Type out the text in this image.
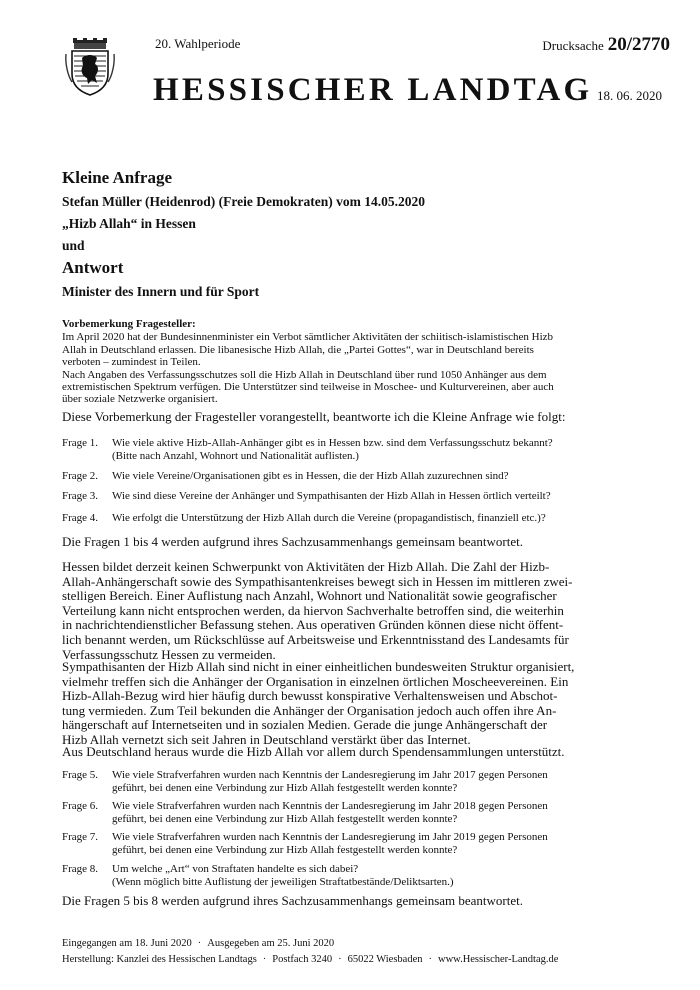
20. Wahlperiode	Drucksache 20/2770
HESSISCHER LANDTAG 18. 06. 2020
Kleine Anfrage
Stefan Müller (Heidenrod) (Freie Demokraten) vom 14.05.2020
„Hizb Allah“ in Hessen
und
Antwort
Minister des Innern und für Sport
Vorbemerkung Fragesteller:
Im April 2020 hat der Bundesinnenminister ein Verbot sämtlicher Aktivitäten der schiitisch-islamistischen Hizb
Allah in Deutschland erlassen. Die libanesische Hizb Allah, die „Partei Gottes“, war in Deutschland bereits
verboten – zumindest in Teilen.
Nach Angaben des Verfassungsschutzes soll die Hizb Allah in Deutschland über rund 1050 Anhänger aus dem
extremistischen Spektrum verfügen. Die Unterstützer sind teilweise in Moschee- und Kulturvereinen, aber auch
über soziale Netzwerke organisiert.
Diese Vorbemerkung der Fragesteller vorangestellt, beantworte ich die Kleine Anfrage wie folgt:
Frage 1.	Wie viele aktive Hizb-Allah-Anhänger gibt es in Hessen bzw. sind dem Verfassungsschutz bekannt?
(Bitte nach Anzahl, Wohnort und Nationalität auflisten.)
Frage 2.	Wie viele Vereine/Organisationen gibt es in Hessen, die der Hizb Allah zuzurechnen sind?
Frage 3.	Wie sind diese Vereine der Anhänger und Sympathisanten der Hizb Allah in Hessen örtlich verteilt?
Frage 4.	Wie erfolgt die Unterstützung der Hizb Allah durch die Vereine (propagandistisch, finanziell etc.)?
Die Fragen 1 bis 4 werden aufgrund ihres Sachzusammenhangs gemeinsam beantwortet.
Hessen bildet derzeit keinen Schwerpunkt von Aktivitäten der Hizb Allah. Die Zahl der Hizb-
Allah-Anhängerschaft sowie des Sympathisantenkreises bewegt sich in Hessen im mittleren zwei-
stelligen Bereich. Einer Auflistung nach Anzahl, Wohnort und Nationalität sowie geografischer
Verteilung kann nicht entsprochen werden, da hiervon Sachverhalte betroffen sind, die weiterhin
in nachrichtendienstlicher Befassung stehen. Aus operativen Gründen können diese nicht öffent-
lich benannt werden, um Rückschlüsse auf Arbeitsweise und Erkenntnisstand des Landesamts für
Verfassungsschutz Hessen zu vermeiden.
Sympathisanten der Hizb Allah sind nicht in einer einheitlichen bundesweiten Struktur organisiert,
vielmehr treffen sich die Anhänger der Organisation in einzelnen örtlichen Moscheevereinen. Ein
Hizb-Allah-Bezug wird hier häufig durch bewusst konspirative Verhaltensweisen und Abschot-
tung vermieden. Zum Teil bekunden die Anhänger der Organisation jedoch auch offen ihre An-
hängerschaft auf Internetseiten und in sozialen Medien. Gerade die junge Anhängerschaft der
Hizb Allah vernetzt sich seit Jahren in Deutschland verstärkt über das Internet.
Aus Deutschland heraus wurde die Hizb Allah vor allem durch Spendensammlungen unterstützt.
Frage 5.	Wie viele Strafverfahren wurden nach Kenntnis der Landesregierung im Jahr 2017 gegen Personen
geführt, bei denen eine Verbindung zur Hizb Allah festgestellt werden konnte?
Frage 6.	Wie viele Strafverfahren wurden nach Kenntnis der Landesregierung im Jahr 2018 gegen Personen
geführt, bei denen eine Verbindung zur Hizb Allah festgestellt werden konnte?
Frage 7.	Wie viele Strafverfahren wurden nach Kenntnis der Landesregierung im Jahr 2019 gegen Personen
geführt, bei denen eine Verbindung zur Hizb Allah festgestellt werden konnte?
Frage 8.	Um welche „Art“ von Straftaten handelte es sich dabei?
(Wenn möglich bitte Auflistung der jeweiligen Straftatbestände/Deliktsarten.)
Die Fragen 5 bis 8 werden aufgrund ihres Sachzusammenhangs gemeinsam beantwortet.
Eingegangen am 18. Juni 2020 · Ausgegeben am 25. Juni 2020
Herstellung: Kanzlei des Hessischen Landtags · Postfach 3240 · 65022 Wiesbaden · www.Hessischer-Landtag.de
